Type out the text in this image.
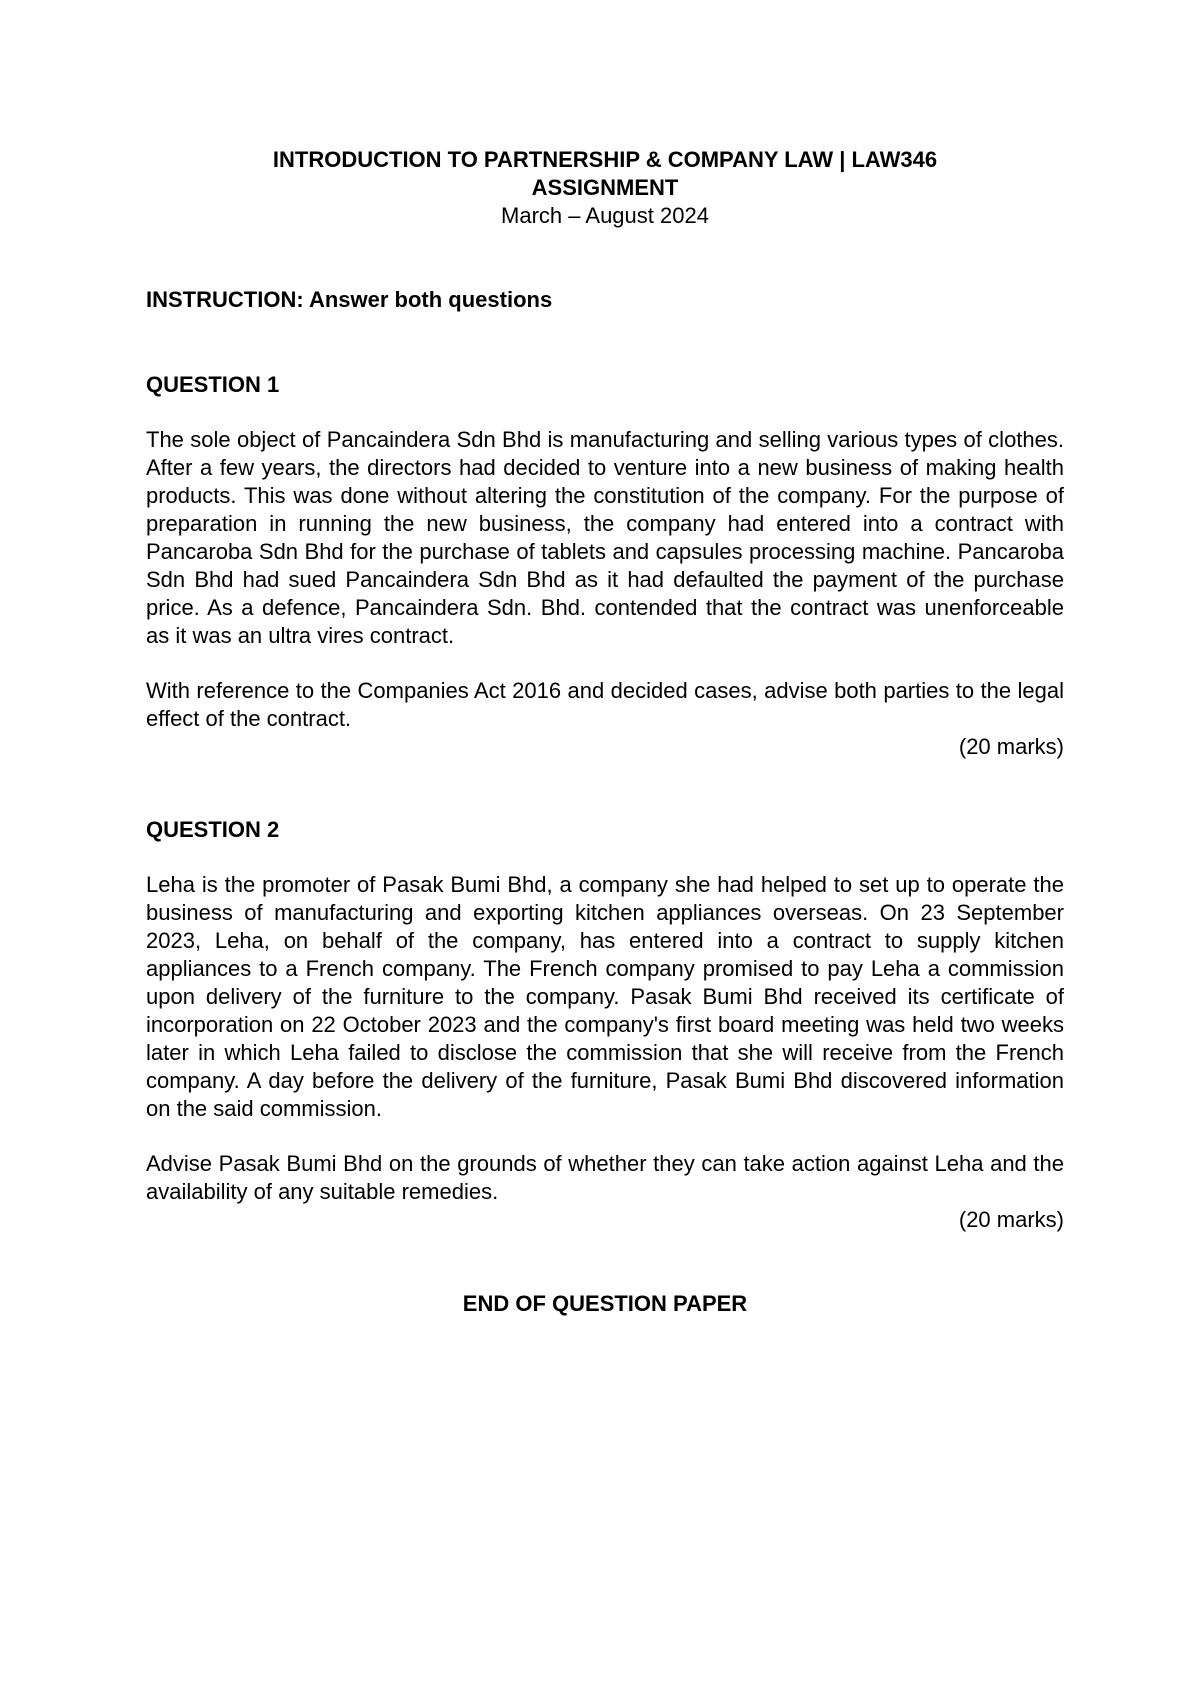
INTRODUCTION TO PARTNERSHIP & COMPANY LAW | LAW346
ASSIGNMENT
March – August 2024
INSTRUCTION: Answer both questions
QUESTION 1
The sole object of Pancaindera Sdn Bhd is manufacturing and selling various types of clothes. After a few years, the directors had decided to venture into a new business of making health products. This was done without altering the constitution of the company. For the purpose of preparation in running the new business, the company had entered into a contract with Pancaroba Sdn Bhd for the purchase of tablets and capsules processing machine. Pancaroba Sdn Bhd had sued Pancaindera Sdn Bhd as it had defaulted the payment of the purchase price. As a defence, Pancaindera Sdn. Bhd. contended that the contract was unenforceable as it was an ultra vires contract.
With reference to the Companies Act 2016 and decided cases, advise both parties to the legal effect of the contract.
(20 marks)
QUESTION 2
Leha is the promoter of Pasak Bumi Bhd, a company she had helped to set up to operate the business of manufacturing and exporting kitchen appliances overseas. On 23 September 2023, Leha, on behalf of the company, has entered into a contract to supply kitchen appliances to a French company. The French company promised to pay Leha a commission upon delivery of the furniture to the company. Pasak Bumi Bhd received its certificate of incorporation on 22 October 2023 and the company's first board meeting was held two weeks later in which Leha failed to disclose the commission that she will receive from the French company. A day before the delivery of the furniture, Pasak Bumi Bhd discovered information on the said commission.
Advise Pasak Bumi Bhd on the grounds of whether they can take action against Leha and the availability of any suitable remedies.
(20 marks)
END OF QUESTION PAPER
